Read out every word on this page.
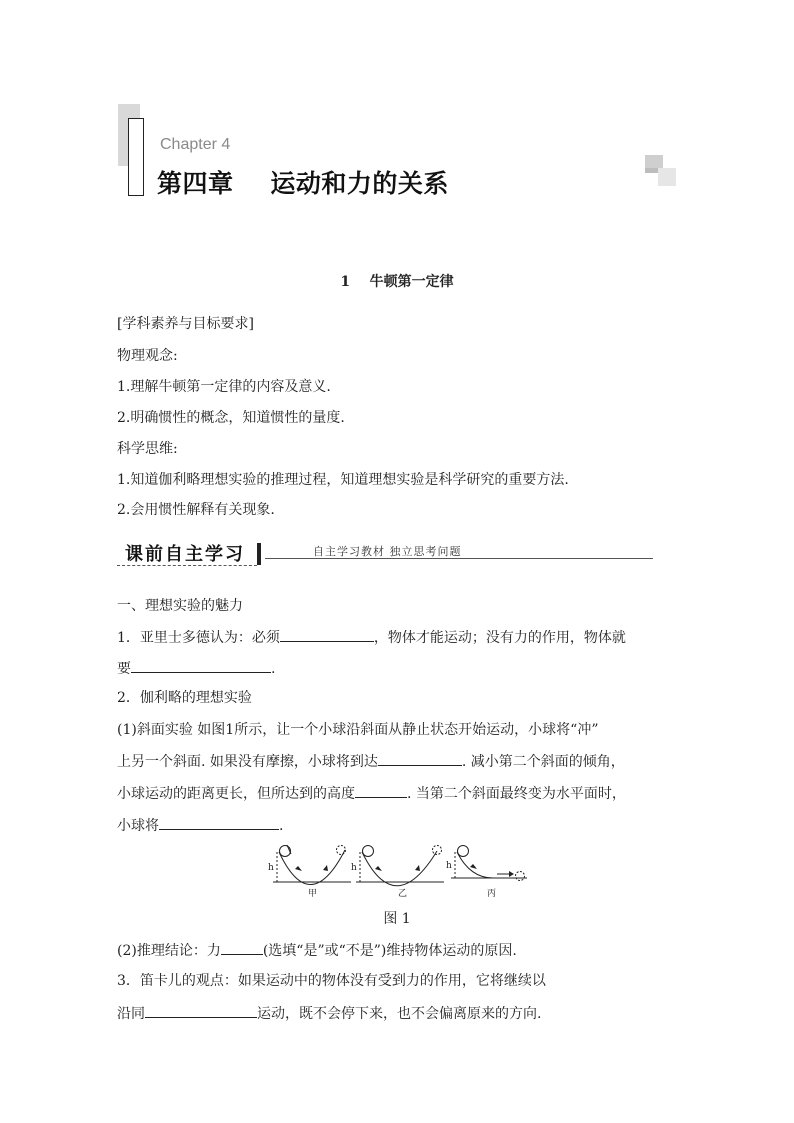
Chapter 4
第四章    运动和力的关系
1    牛顿第一定律
[学科素养与目标要求]
物理观念:
1.理解牛顿第一定律的内容及意义.
2.明确惯性的概念，知道惯性的量度.
科学思维:
1.知道伽利略理想实验的推理过程，知道理想实验是科学研究的重要方法.
2.会用惯性解释有关现象.
课前自主学习	自主学习教材 独立思考问题
一、理想实验的魅力
1．亚里士多德认为：必须	，物体才能运动；没有力的作用，物体就
要	.
2．伽利略的理想实验
(1)斜面实验 如图1所示，让一个小球沿斜面从静止状态开始运动，小球将“冲”
上另一个斜面. 如果没有摩擦，小球将到达	. 减小第二个斜面的倾角，
小球运动的距离更长，但所达到的高度	. 当第二个斜面最终变为水平面时，
小球将	.
h
甲
h
乙
h
丙
图 1
(2)推理结论：力	(选填“是”或“不是”)维持物体运动的原因.
3．笛卡儿的观点：如果运动中的物体没有受到力的作用，它将继续以
沿同	运动，既不会停下来，也不会偏离原来的方向.
